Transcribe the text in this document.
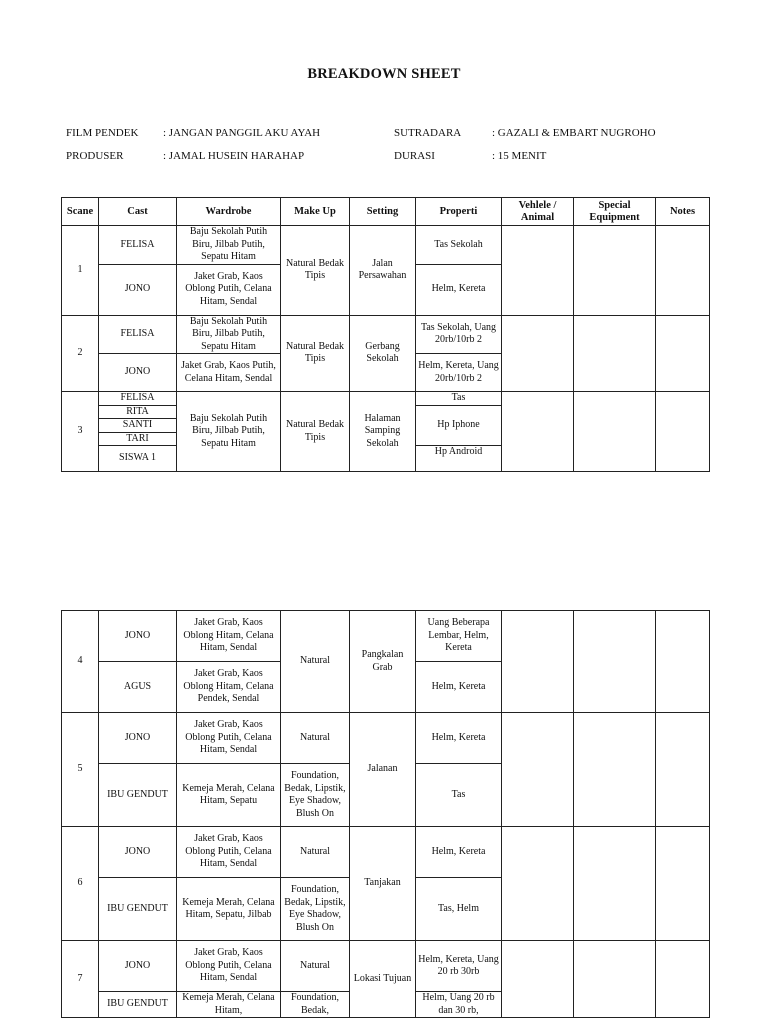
BREAKDOWN SHEET
FILM PENDEK : JANGAN PANGGIL AKU AYAH	SUTRADARA	: GAZALI & EMBART NUGROHO
PRODUSER	: JAMAL HUSEIN HARAHAP	DURASI	: 15 MENIT
Scane	Cast	Wardrobe	Make Up	Setting	Properti	Vehlele / Animal	Special Equipment	Notes
1	FELISA	Baju Sekolah Putih Biru, Jilbab Putih, Sepatu Hitam	Natural Bedak Tipis	Jalan Persawahan	Tas Sekolah			
	JONO	Jaket Grab, Kaos Oblong Putih, Celana Hitam, Sendal			Helm, Kereta			
2	FELISA	Baju Sekolah Putih Biru, Jilbab Putih, Sepatu Hitam	Natural Bedak Tipis	Gerbang Sekolah	Tas Sekolah, Uang 20rb/10rb 2			
	JONO	Jaket Grab, Kaos Putih, Celana Hitam, Sendal			Helm, Kereta, Uang 20rb/10rb 2			
3	FELISA	Baju Sekolah Putih Biru, Jilbab Putih, Sepatu Hitam	Natural Bedak Tipis	Halaman Samping Sekolah	Tas			
	RITA				Hp Iphone			
	SANTI							
	TARI							
	SISWA 1				Hp Android			
4	JONO	Jaket Grab, Kaos Oblong Hitam, Celana Hitam, Sendal	Natural	Pangkalan Grab	Uang Beberapa Lembar, Helm, Kereta			
	AGUS	Jaket Grab, Kaos Oblong Hitam, Celana Pendek, Sendal			Helm, Kereta			
5	JONO	Jaket Grab, Kaos Oblong Putih, Celana Hitam, Sendal	Natural	Jalanan	Helm, Kereta			
	IBU GENDUT	Kemeja Merah, Celana Hitam, Sepatu	Foundation, Bedak, Lipstik, Eye Shadow, Blush On		Tas			
6	JONO	Jaket Grab, Kaos Oblong Putih, Celana Hitam, Sendal	Natural	Tanjakan	Helm, Kereta			
	IBU GENDUT	Kemeja Merah, Celana Hitam, Sepatu, Jilbab	Foundation, Bedak, Lipstik, Eye Shadow, Blush On		Tas, Helm			
7	JONO	Jaket Grab, Kaos Oblong Putih, Celana Hitam, Sendal	Natural	Lokasi Tujuan	Helm, Kereta, Uang 20 rb 30rb			
	IBU GENDUT	Kemeja Merah, Celana Hitam,	Foundation, Bedak,		Helm, Uang 20 rb dan 30 rb,			
